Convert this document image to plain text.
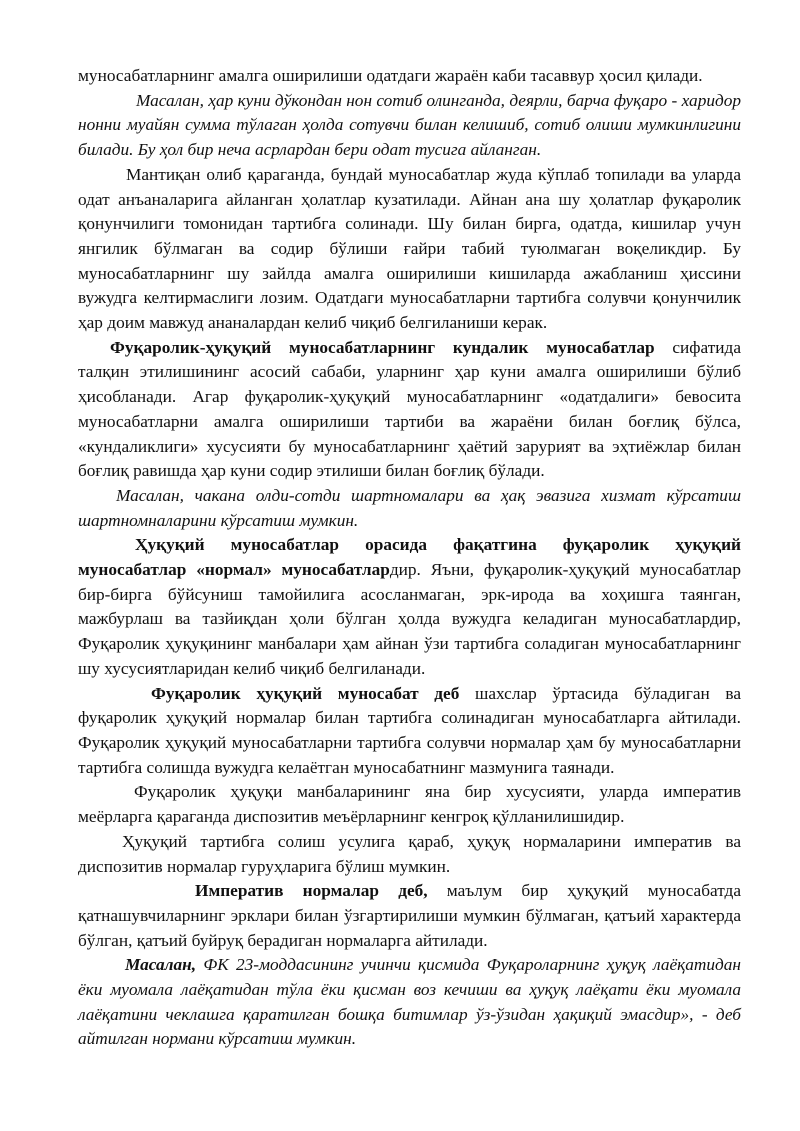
муносабатларнинг амалга оширилиши одатдаги жараён каби тасаввур ҳосил қилади.

Масалан, ҳар куни дўкондан нон сотиб олинганда, деярли, барча фуқаро - харидор нонни муайян сумма тўлаган ҳолда сотувчи билан келишиб, сотиб олиши мумкинлигини билади. Бу ҳол бир неча асрлардан бери одат тусига айланган.

Мантиқан олиб қараганда, бундай муносабатлар жуда кўплаб топилади ва уларда одат анъаналарига айланган ҳолатлар кузатилади. Айнан ана шу ҳолатлар фуқаролик қонунчилиги томонидан тартибга солинади. Шу билан бирга, одатда, кишилар учун янгилик бўлмаган ва содир бўлиши ғайри табий туюлмаган воқеликдир. Бу муносабатларнинг шу зайлда амалга оширилиши кишиларда ажабланиш ҳиссини вужудга келтирмаслиги лозим. Одатдаги муносабатларни тартибга солувчи қонунчилик ҳар доим мавжуд ананалардан келиб чиқиб белгиланиши керак.

Фуқаролик-ҳуқуқий муносабатларнинг кундалик муносабатлар сифатида талқин этилишининг асосий сабаби, уларнинг ҳар куни амалга оширилиши бўлиб ҳисобланади. Агар фуқаролик-ҳуқуқий муносабатларнинг «одатдалиги» бевосита муносабатларни амалга оширилиши тартиби ва жараёни билан боғлиқ бўлса, «кундаликлиги» хусусияти бу муносабатларнинг ҳаётий зарурият ва эҳтиёжлар билан боғлиқ равишда ҳар куни содир этилиши билан боғлиқ бўлади.

Масалан, чакана олди-сотди шартномалари ва ҳақ эвазига хизмат кўрсатиш шартномналарини кўрсатиш мумкин.

Ҳуқуқий муносабатлар орасида фақатгина фуқаролик ҳуқуқий муносабатлар «нормал» муносабатлардир. Яъни, фуқаролик-ҳуқуқий муносабатлар бир-бирга бўйсуниш тамойилига асосланмаган, эрк-ирода ва хоҳишга таянган, мажбурлаш ва тазйиқдан ҳоли бўлган ҳолда вужудга келадиган муносабатлардир, Фуқаролик ҳуқуқининг манбалари ҳам айнан ўзи тартибга соладиган муносабатларнинг шу хусусиятларидан келиб чиқиб белгиланади.

Фуқаролик ҳуқуқий муносабат деб шахслар ўртасида бўладиган ва фуқаролик ҳуқуқий нормалар билан тартибга солинадиган муносабатларга айтилади. Фуқаролик ҳуқуқий муносабатларни тартибга солувчи нормалар ҳам бу муносабатларни тартибга солишда вужудга келаётган муносабатнинг мазмунига таянади.

Фуқаролик ҳуқуқи манбаларининг яна бир хусусияти, уларда императив меёрларга қараганда диспозитив меъёрларнинг кенгроқ қўлланилишидир.

Ҳуқуқий тартибга солиш усулига қараб, ҳуқуқ нормаларини императив ва диспозитив нормалар гуруҳларига бўлиш мумкин.

Императив нормалар деб, маълум бир ҳуқуқий муносабатда қатнашувчиларнинг эрклари билан ўзгартирилиши мумкин бўлмаган, қатъий характерда бўлган, қатъий буйруқ берадиган нормаларга айтилади.

Масалан, ФК 23-моддасининг учинчи қисмида Фуқароларнинг ҳуқуқ лаёқатидан ёки муомала лаёқатидан тўла ёки қисман воз кечиши ва ҳуқуқ лаёқати ёки муомала лаёқатини чеклашга қаратилган бошқа битимлар ўз-ўзидан ҳақиқий эмасдир», - деб айтилган нормани кўрсатиш мумкин.
